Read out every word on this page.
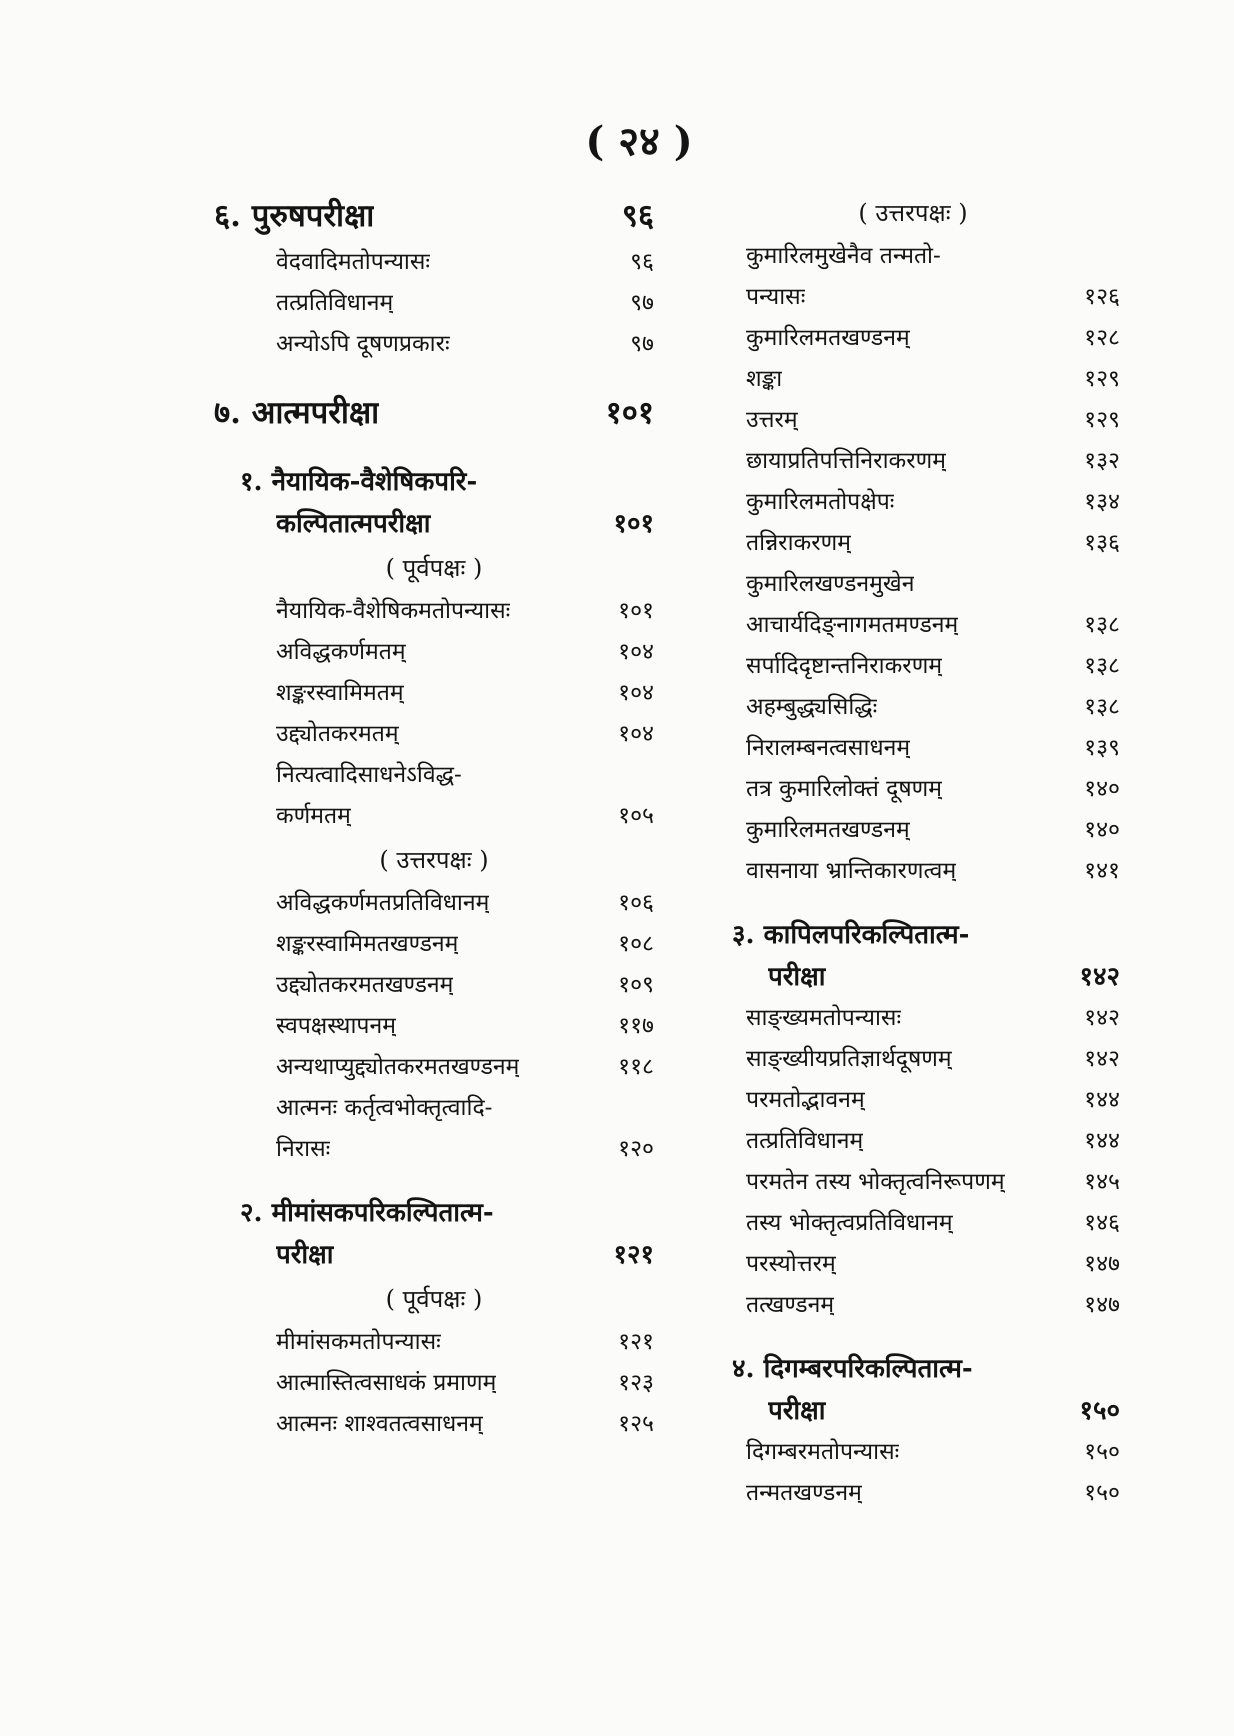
( २४ )
६. पुरुषपरीक्षा	९६
वेदवादिमतोपन्यासः	९६
तत्प्रतिविधानम्	९७
अन्योऽपि दूषणप्रकारः	९७
७. आत्मपरीक्षा	१०१
१. नैयायिक-वैशेषिकपरि-
कल्पितात्मपरीक्षा	१०१
( पूर्वपक्षः )
नैयायिक-वैशेषिकमतोपन्यासः	१०१
अविद्धकर्णमतम्	१०४
शङ्करस्वामिमतम्	१०४
उद्द्योतकरमतम्	१०४
नित्यत्वादिसाधनेऽविद्ध-
कर्णमतम्	१०५
( उत्तरपक्षः )
अविद्धकर्णमतप्रतिविधानम्	१०६
शङ्करस्वामिमतखण्डनम्	१०८
उद्द्योतकरमतखण्डनम्	१०९
स्वपक्षस्थापनम्	११७
अन्यथाप्युद्द्योतकरमतखण्डनम्	११८
आत्मनः कर्तृत्वभोक्तृत्वादि-
निरासः	१२०
२. मीमांसकपरिकल्पितात्म-
परीक्षा	१२१
( पूर्वपक्षः )
मीमांसकमतोपन्यासः	१२१
आत्मास्तित्वसाधकं प्रमाणम्	१२३
आत्मनः शाश्वतत्वसाधनम्	१२५
( उत्तरपक्षः )
कुमारिलमुखेनैव तन्मतो-
पन्यासः	१२६
कुमारिलमतखण्डनम्	१२८
शङ्का	१२९
उत्तरम्	१२९
छायाप्रतिपत्तिनिराकरणम्	१३२
कुमारिलमतोपक्षेपः	१३४
तन्निराकरणम्	१३६
कुमारिलखण्डनमुखेन
आचार्यदिङ्नागमतमण्डनम्	१३८
सर्पादिदृष्टान्तनिराकरणम्	१३८
अहम्बुद्ध्यसिद्धिः	१३८
निरालम्बनत्वसाधनम्	१३९
तत्र कुमारिलोक्तं दूषणम्	१४०
कुमारिलमतखण्डनम्	१४०
वासनाया भ्रान्तिकारणत्वम्	१४१
३. कापिलपरिकल्पितात्म-
परीक्षा	१४२
साङ्ख्यमतोपन्यासः	१४२
साङ्ख्यीयप्रतिज्ञार्थदूषणम्	१४२
परमतोद्भावनम्	१४४
तत्प्रतिविधानम्	१४४
परमतेन तस्य भोक्तृत्वनिरूपणम्	१४५
तस्य भोक्तृत्वप्रतिविधानम्	१४६
परस्योत्तरम्	१४७
तत्खण्डनम्	१४७
४. दिगम्बरपरिकल्पितात्म-
परीक्षा	१५०
दिगम्बरमतोपन्यासः	१५०
तन्मतखण्डनम्	१५०
